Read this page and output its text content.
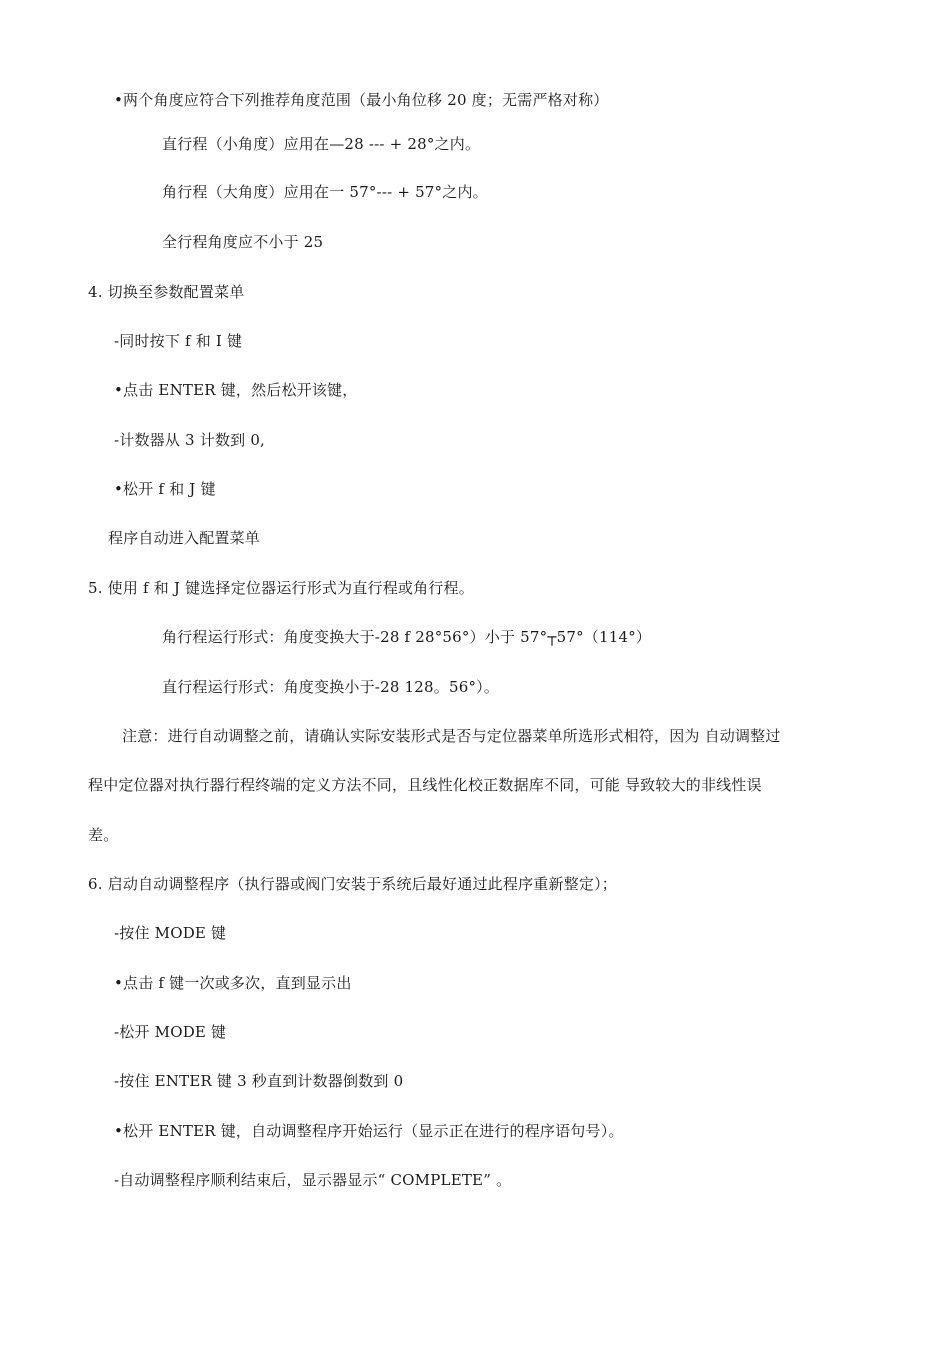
•两个角度应符合下列推荐角度范围（最小角位移 20 度；无需严格对称）
直行程（小角度）应用在—28 --- + 28°之内。
角行程（大角度）应用在一 57°--- + 57°之内。
全行程角度应不小于 25
4. 切换至参数配置菜单
-同时按下 f 和 I 键
•点击 ENTER 键，然后松开该键，
-计数器从 3 计数到 0,
•松开 f 和 J 键
程序自动进入配置菜单
5. 使用 f 和 J 键选择定位器运行形式为直行程或角行程。
角行程运行形式：角度变换大于-28 f 28°56°）小于 57°┬57°（114°）
直行程运行形式：角度变换小于-28 128。56°）。
注意：进行自动调整之前，请确认实际安装形式是否与定位器菜单所选形式相符，因为 自动调整过
程中定位器对执行器行程终端的定义方法不同，且线性化校正数据库不同，可能 导致较大的非线性误
差。
6. 启动自动调整程序（执行器或阀门安装于系统后最好通过此程序重新整定）；
-按住 MODE 键
•点击 f 键一次或多次，直到显示出
-松开 MODE 键
-按住 ENTER 键 3 秒直到计数器倒数到 0
•松开 ENTER 键，自动调整程序开始运行（显示正在进行的程序语句号）。
-自动调整程序顺利结束后，显示器显示“ COMPLETE” 。
